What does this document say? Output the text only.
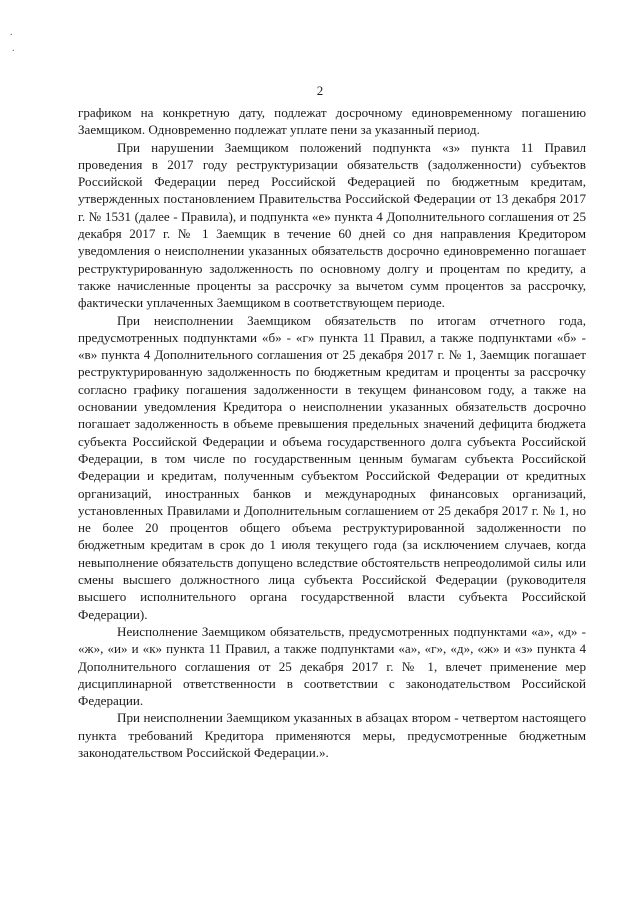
.
.
2

графиком на конкретную дату, подлежат досрочному единовременному погашению Заемщиком. Одновременно подлежат уплате пени за указанный период.

При нарушении Заемщиком положений подпункта «з» пункта 11 Правил проведения в 2017 году реструктуризации обязательств (задолженности) субъектов Российской Федерации перед Российской Федерацией по бюджетным кредитам, утвержденных постановлением Правительства Российской Федерации от 13 декабря 2017 г. № 1531 (далее - Правила), и подпункта «е» пункта 4 Дополнительного соглашения от 25 декабря 2017 г. № 1 Заемщик в течение 60 дней со дня направления Кредитором уведомления о неисполнении указанных обязательств досрочно единовременно погашает реструктурированную задолженность по основному долгу и процентам по кредиту, а также начисленные проценты за рассрочку за вычетом сумм процентов за рассрочку, фактически уплаченных Заемщиком в соответствующем периоде.

При неисполнении Заемщиком обязательств по итогам отчетного года, предусмотренных подпунктами «б» - «г» пункта 11 Правил, а также подпунктами «б» - «в» пункта 4 Дополнительного соглашения от 25 декабря 2017 г. № 1, Заемщик погашает реструктурированную задолженность по бюджетным кредитам и проценты за рассрочку согласно графику погашения задолженности в текущем финансовом году, а также на основании уведомления Кредитора о неисполнении указанных обязательств досрочно погашает задолженность в объеме превышения предельных значений дефицита бюджета субъекта Российской Федерации и объема государственного долга субъекта Российской Федерации, в том числе по государственным ценным бумагам субъекта Российской Федерации и кредитам, полученным субъектом Российской Федерации от кредитных организаций, иностранных банков и международных финансовых организаций, установленных Правилами и Дополнительным соглашением от 25 декабря 2017 г. № 1, но не более 20 процентов общего объема реструктурированной задолженности по бюджетным кредитам в срок до 1 июля текущего года (за исключением случаев, когда невыполнение обязательств допущено вследствие обстоятельств непреодолимой силы или смены высшего должностного лица субъекта Российской Федерации (руководителя высшего исполнительного органа государственной власти субъекта Российской Федерации).

Неисполнение Заемщиком обязательств, предусмотренных подпунктами «а», «д» - «ж», «и» и «к» пункта 11 Правил, а также подпунктами «а», «г», «д», «ж» и «з» пункта 4 Дополнительного соглашения от 25 декабря 2017 г. № 1, влечет применение мер дисциплинарной ответственности в соответствии с законодательством Российской Федерации.

При неисполнении Заемщиком указанных в абзацах втором - четвертом настоящего пункта требований Кредитора применяются меры, предусмотренные бюджетным законодательством Российской Федерации.».
